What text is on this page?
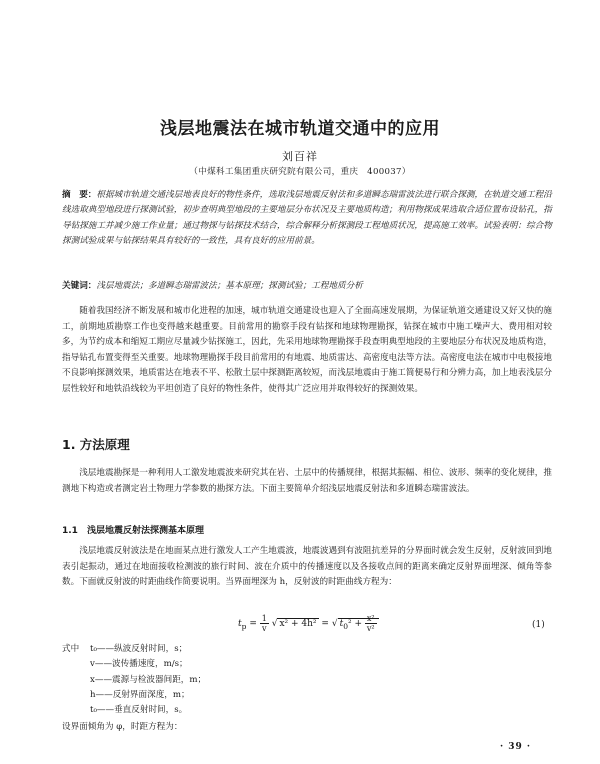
浅层地震法在城市轨道交通中的应用
刘百祥
（中煤科工集团重庆研究院有限公司，重庆　400037）
摘　要：根据城市轨道交通浅层地表良好的物性条件，选取浅层地震反射法和多道瞬态瑞雷波法进行联合探测，在轨道交通工程沿线选取典型地段进行探测试验，初步查明典型地段的主要地层分布状况及主要地质构造；利用物探成果选取合适位置布设钻孔，指导钻探施工并减少施工作业量；通过物探与钻探技术结合，综合解释分析探测段工程地质状况，提高施工效率。试验表明：综合物探测试验成果与钻探结果具有较好的一致性，具有良好的应用前景。
关键词：浅层地震法；多道瞬态瑞雷波法；基本原理；探测试验；工程地质分析
随着我国经济不断发展和城市化进程的加速，城市轨道交通建设也迎入了全面高速发展期，为保证轨道交通建设又好又快的施工，前期地质勘察工作也变得越来越重要。目前常用的勘察手段有钻探和地球物理勘探，钻探在城市中施工噪声大、费用相对较多，为节约成本和缩短工期应尽量减少钻探施工，因此，先采用地球物理勘探手段查明典型地段的主要地层分布状况及地质构造，指导钻孔布置变得至关重要。地球物理勘探手段目前常用的有地震、地质雷达、高密度电法等方法。高密度电法在城市中电极接地不良影响探测效果，地质雷达在地表不平、松散土层中探测距离较短，而浅层地震由于施工简便易行和分辨力高，加上地表浅层分层性较好和地铁沿线较为平坦创造了良好的物性条件，使得其广泛应用并取得较好的探测效果。
1. 方法原理
浅层地震勘探是一种利用人工激发地震波来研究其在岩、土层中的传播规律，根据其振幅、相位、波形、频率的变化规律，推测地下构造或者测定岩土物理力学参数的勘探方法。下面主要简单介绍浅层地震反射法和多道瞬态瑞雷波法。
1.1　浅层地震反射法探测基本原理
浅层地震反射波法是在地面某点进行激发人工产生地震波，地震波遇到有波阻抗差异的分界面时就会发生反射，反射波回到地表引起振动，通过在地面接收检测波的旅行时间、波在介质中的传播速度以及各接收点间的距离来确定反射界面埋深、倾角等参数。下面就反射波的时距曲线作简要说明。当界面埋深为 h，反射波的时距曲线方程为：
$t_p = \frac{1}{v}$ √ x² + 4h² = √ $t_0^2 + \frac{\text{x²}}{\text{v²}}$	(1)
式中 t₀——纵波反射时间，s；
v——波传播速度，m/s；
x——震源与检波器间距，m；
h——反射界面深度，m；
t₀——垂直反射时间，s。
设界面倾角为 φ，时距方程为：
· 39 ·
